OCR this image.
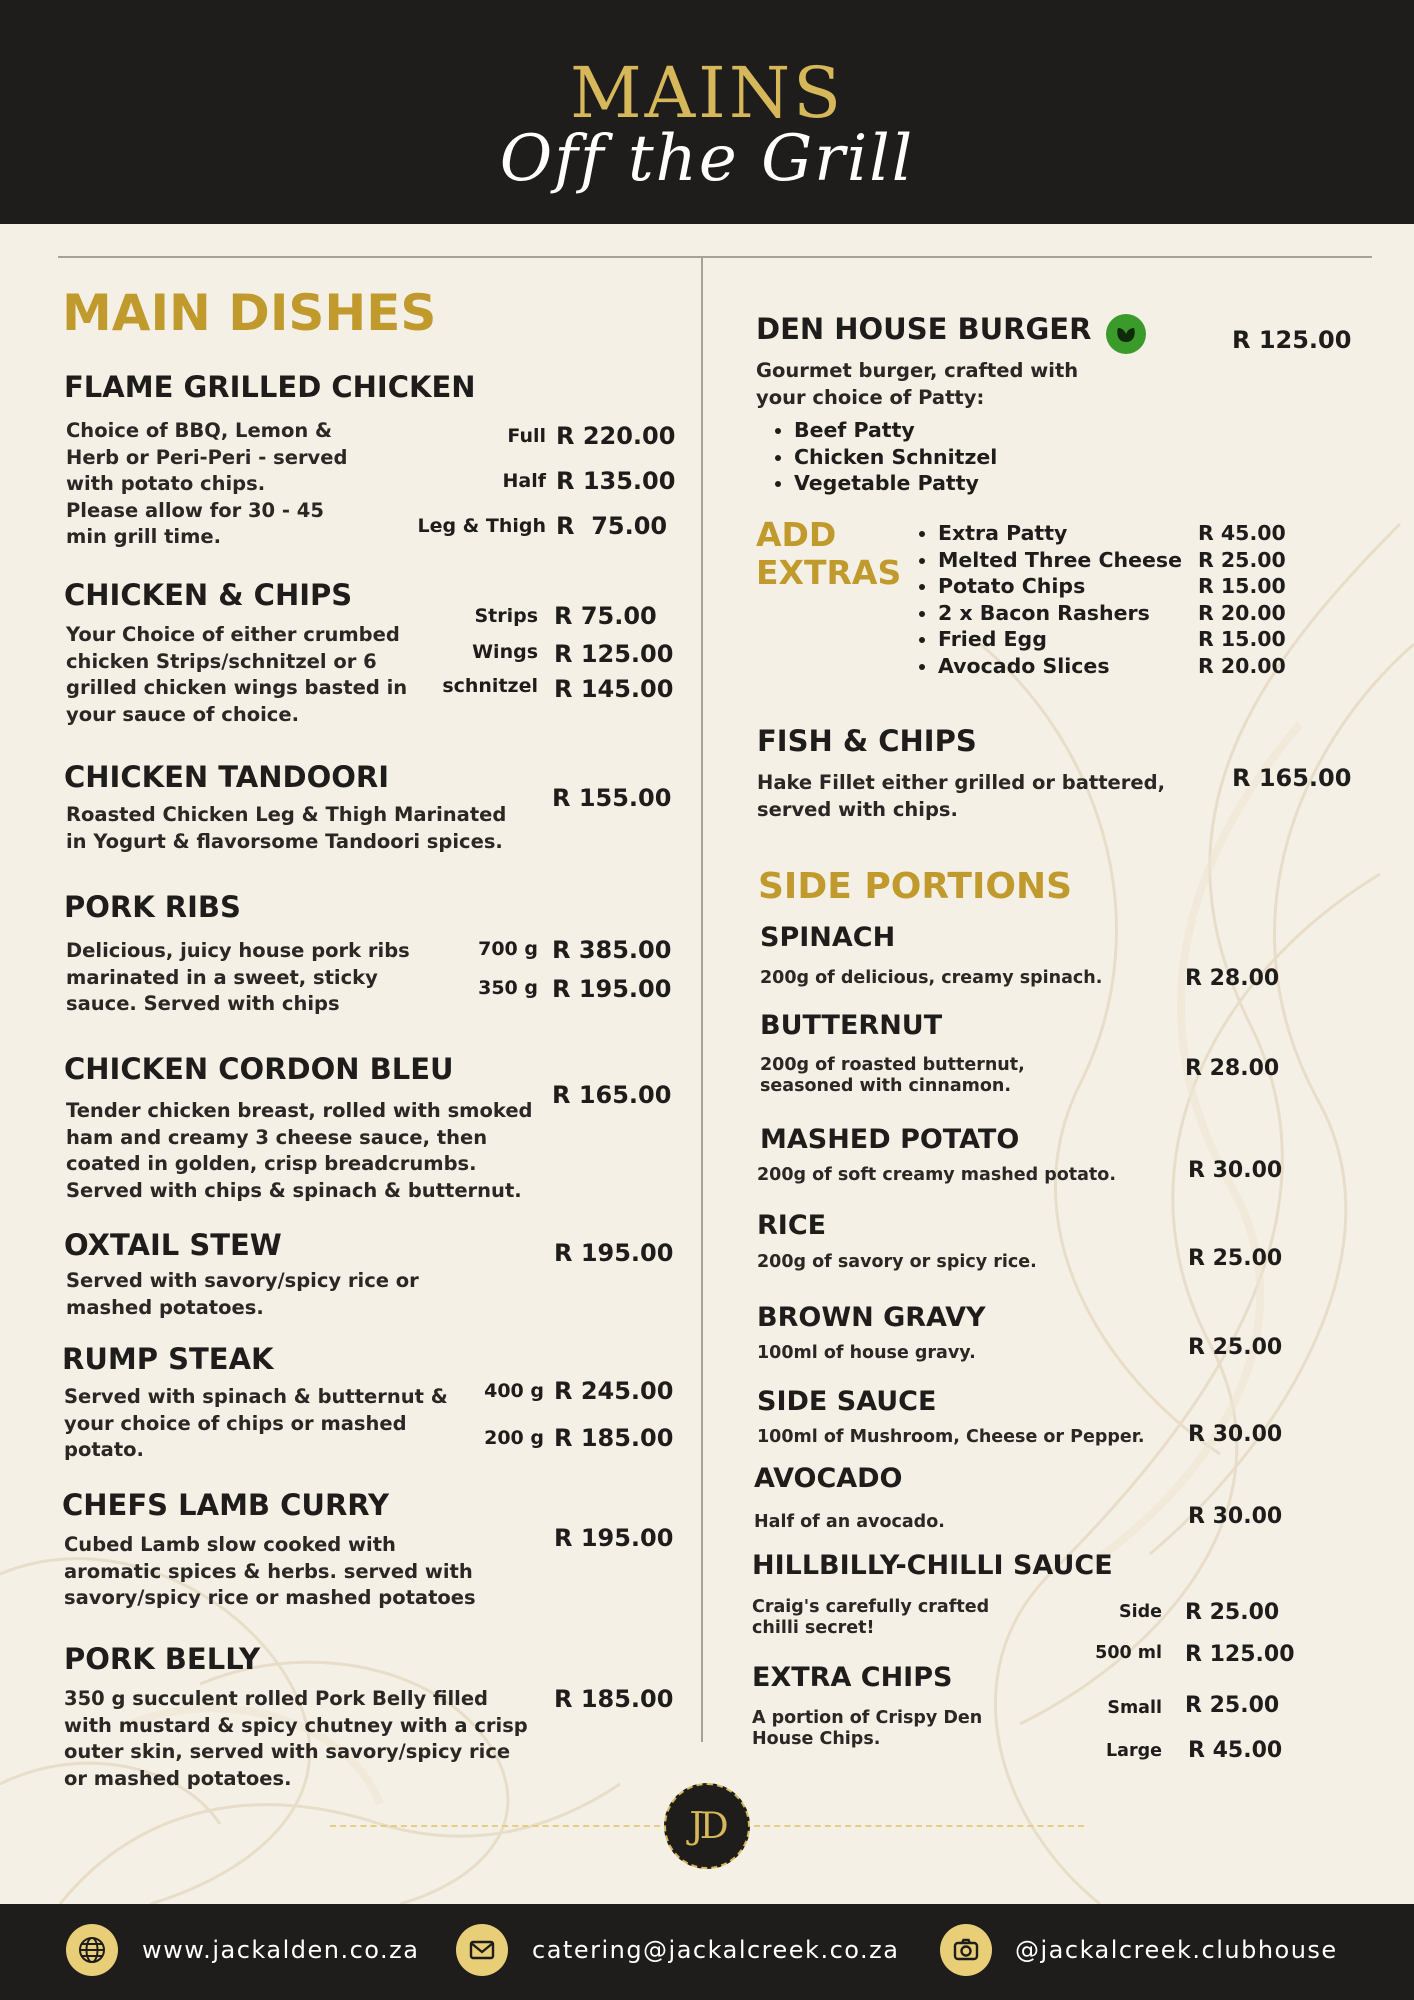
MAINS
Off the Grill
MAIN DISHES
FLAME GRILLED CHICKEN
Choice of BBQ, Lemon &
Herb or Peri-Peri - served
with potato chips.
Please allow for 30 - 45
min grill time.
Full R 220.00
Half R 135.00
Leg & Thigh R  75.00
CHICKEN & CHIPS
Your Choice of either crumbed
chicken Strips/schnitzel or 6
grilled chicken wings basted in
your sauce of choice.
Strips R 75.00
Wings R 125.00
schnitzel R 145.00
CHICKEN TANDOORI
Roasted Chicken Leg & Thigh Marinated
in Yogurt & flavorsome Tandoori spices.
R 155.00
PORK RIBS
Delicious, juicy house pork ribs
marinated in a sweet, sticky
sauce. Served with chips
700 g R 385.00
350 g R 195.00
CHICKEN CORDON BLEU
Tender chicken breast, rolled with smoked
ham and creamy 3 cheese sauce, then
coated in golden, crisp breadcrumbs.
Served with chips & spinach & butternut.
R 165.00
OXTAIL STEW
Served with savory/spicy rice or
mashed potatoes.
R 195.00
RUMP STEAK
Served with spinach & butternut &
your choice of chips or mashed
potato.
400 g R 245.00
200 g R 185.00
CHEFS LAMB CURRY
Cubed Lamb slow cooked with
aromatic spices & herbs. served with
savory/spicy rice or mashed potatoes
R 195.00
PORK BELLY
350 g succulent rolled Pork Belly filled
with mustard & spicy chutney with a crisp
outer skin, served with savory/spicy rice
or mashed potatoes.
R 185.00
DEN HOUSE BURGER	R 125.00
Gourmet burger, crafted with
your choice of Patty:
• Beef Patty
• Chicken Schnitzel
• Vegetable Patty
ADD
EXTRAS
• Extra Patty	R 45.00
• Melted Three Cheese R 25.00
• Potato Chips	R 15.00
• 2 x Bacon Rashers R 20.00
• Fried Egg	R 15.00
• Avocado Slices	R 20.00
FISH & CHIPS
Hake Fillet either grilled or battered,
served with chips.
R 165.00
SIDE PORTIONS
SPINACH
200g of delicious, creamy spinach.	R 28.00
BUTTERNUT
200g of roasted butternut,
seasoned with cinnamon.
R 28.00
MASHED POTATO
200g of soft creamy mashed potato.	R 30.00
RICE
200g of savory or spicy rice.	R 25.00
BROWN GRAVY
100ml of house gravy.	R 25.00
SIDE SAUCE
100ml of Mushroom, Cheese or Pepper. R 30.00
AVOCADO
Half of an avocado.	R 30.00
HILLBILLY-CHILLI SAUCE
Craig's carefully crafted
chilli secret!
Side R 25.00
500 ml R 125.00
EXTRA CHIPS
A portion of Crispy Den
House Chips.
Small R 25.00
Large R 45.00
JD
www.jackalden.co.za	catering@jackalcreek.co.za	@jackalcreek.clubhouse
